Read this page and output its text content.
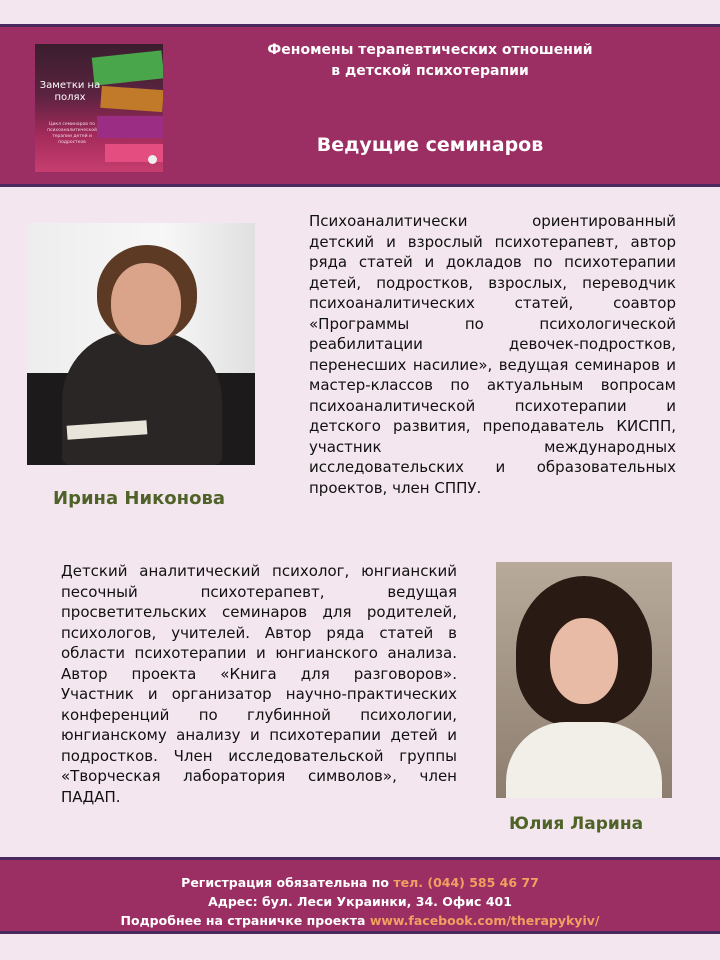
Заметки на полях
Цикл семинаров по психоаналитической терапии детей и подростков
Феномены терапевтических отношений
в детской психотерапии
Ведущие семинаров
Ирина Никонова
Психоаналитически ориентированный детский и взрослый психотерапевт, автор ряда статей и докладов по психотерапии детей, подростков, взрослых, переводчик психоаналитических статей, соавтор «Программы по психологической реабилитации девочек-подростков, перенесших насилие», ведущая семинаров и мастер-классов по актуальным вопросам психоаналитической психотерапии и детского развития, преподаватель КИСПП, участник международных исследовательских и образовательных проектов, член СППУ.
Детский аналитический психолог, юнгианский песочный психотерапевт, ведущая просветительских семинаров для родителей, психологов, учителей. Автор ряда статей в области психотерапии и юнгианского анализа. Автор проекта «Книга для разговоров». Участник и организатор научно-практических конференций по глубинной психологии, юнгианскому анализу и психотерапии детей и подростков. Член исследовательской группы «Творческая лаборатория символов», член ПАДАП.
Юлия Ларина
Регистрация обязательна по тел. (044) 585 46 77
Адрес: бул. Леси Украинки, 34. Офис 401
Подробнее на страничке проекта www.facebook.com/therapykyiv/
